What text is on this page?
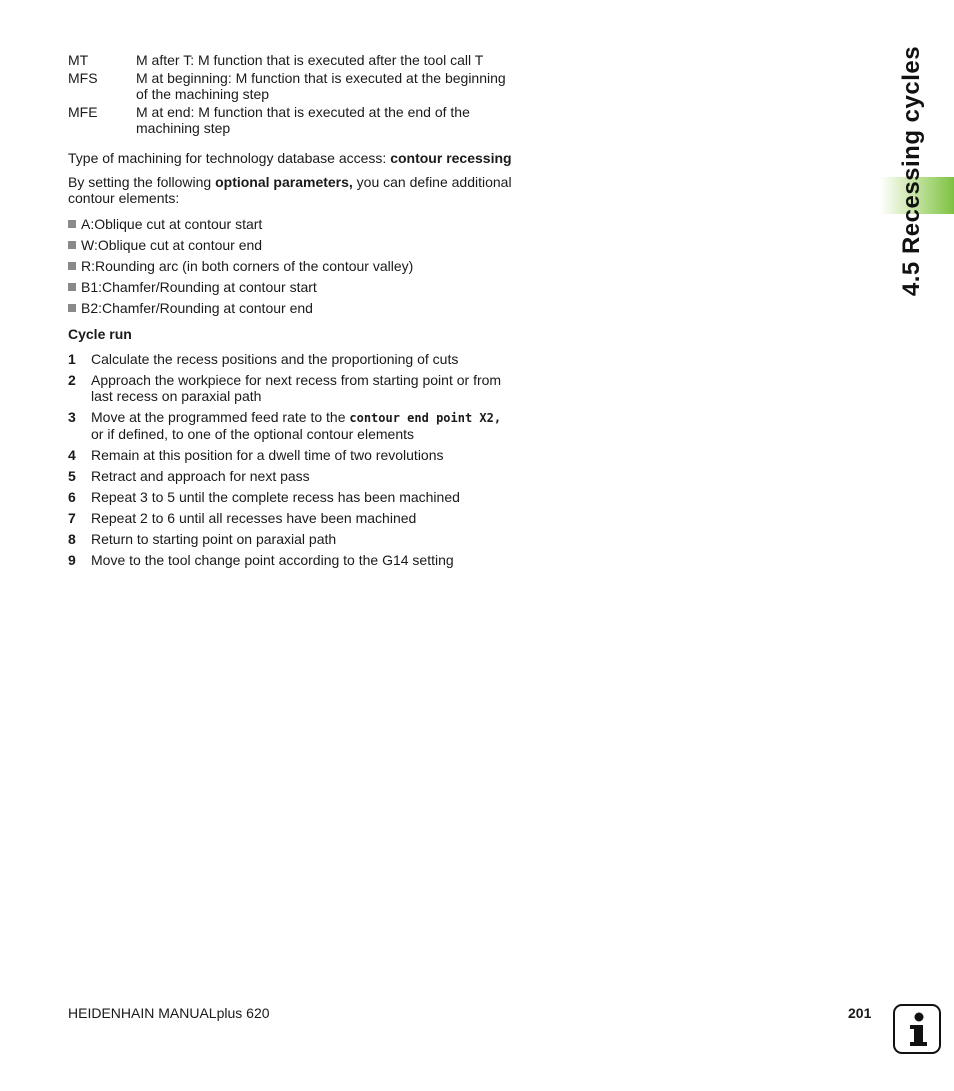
MT	M after T: M function that is executed after the tool call T
MFS	M at beginning: M function that is executed at the beginning of the machining step
MFE	M at end: M function that is executed at the end of the machining step

Type of machining for technology database access: contour recessing

By setting the following optional parameters, you can define additional contour elements:

A:Oblique cut at contour start
W:Oblique cut at contour end
R:Rounding arc (in both corners of the contour valley)
B1:Chamfer/Rounding at contour start
B2:Chamfer/Rounding at contour end
Cycle run
1	Calculate the recess positions and the proportioning of cuts
2	Approach the workpiece for next recess from starting point or from last recess on paraxial path
3	Move at the programmed feed rate to the contour end point X2, or if defined, to one of the optional contour elements
4	Remain at this position for a dwell time of two revolutions
5	Retract and approach for next pass
6	Repeat 3 to 5 until the complete recess has been machined
7	Repeat 2 to 6 until all recesses have been machined
8	Return to starting point on paraxial path
9	Move to the tool change point according to the G14 setting
4.5 Recessing cycles
HEIDENHAIN MANUALplus 620	201
